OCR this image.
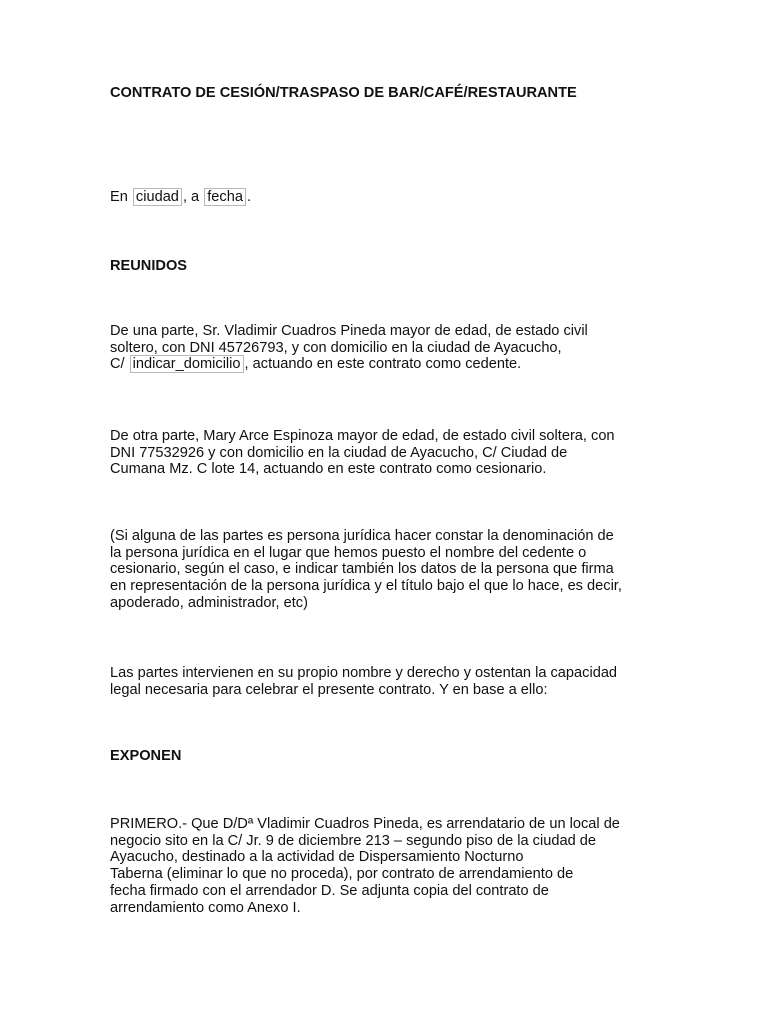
CONTRATO DE CESIÓN/TRASPASO DE BAR/CAFÉ/RESTAURANTE
En ciudad , a fecha .
REUNIDOS
De una parte, Sr. Vladimir Cuadros Pineda mayor de edad, de estado civil
soltero, con DNI 45726793, y con domicilio en la ciudad de Ayacucho,
C/ indicar_domicilio , actuando en este contrato como cedente.
De otra parte, Mary Arce Espinoza mayor de edad, de estado civil soltera, con
DNI 77532926 y con domicilio en la ciudad de Ayacucho, C/ Ciudad de
Cumana Mz. C lote 14, actuando en este contrato como cesionario.
(Si alguna de las partes es persona jurídica hacer constar la denominación de
la persona jurídica en el lugar que hemos puesto el nombre del cedente o
cesionario, según el caso, e indicar también los datos de la persona que firma
en representación de la persona jurídica y el título bajo el que lo hace, es decir,
apoderado, administrador, etc)
Las partes intervienen en su propio nombre y derecho y ostentan la capacidad
legal necesaria para celebrar el presente contrato. Y en base a ello:
EXPONEN
PRIMERO.- Que D/Dª Vladimir Cuadros Pineda, es arrendatario de un local de
negocio sito en la C/ Jr. 9 de diciembre 213 – segundo piso de la ciudad de
Ayacucho, destinado a la actividad de Dispersamiento Nocturno
Taberna (eliminar lo que no proceda), por contrato de arrendamiento de
fecha firmado con el arrendador D. Se adjunta copia del contrato de
arrendamiento como Anexo I.
